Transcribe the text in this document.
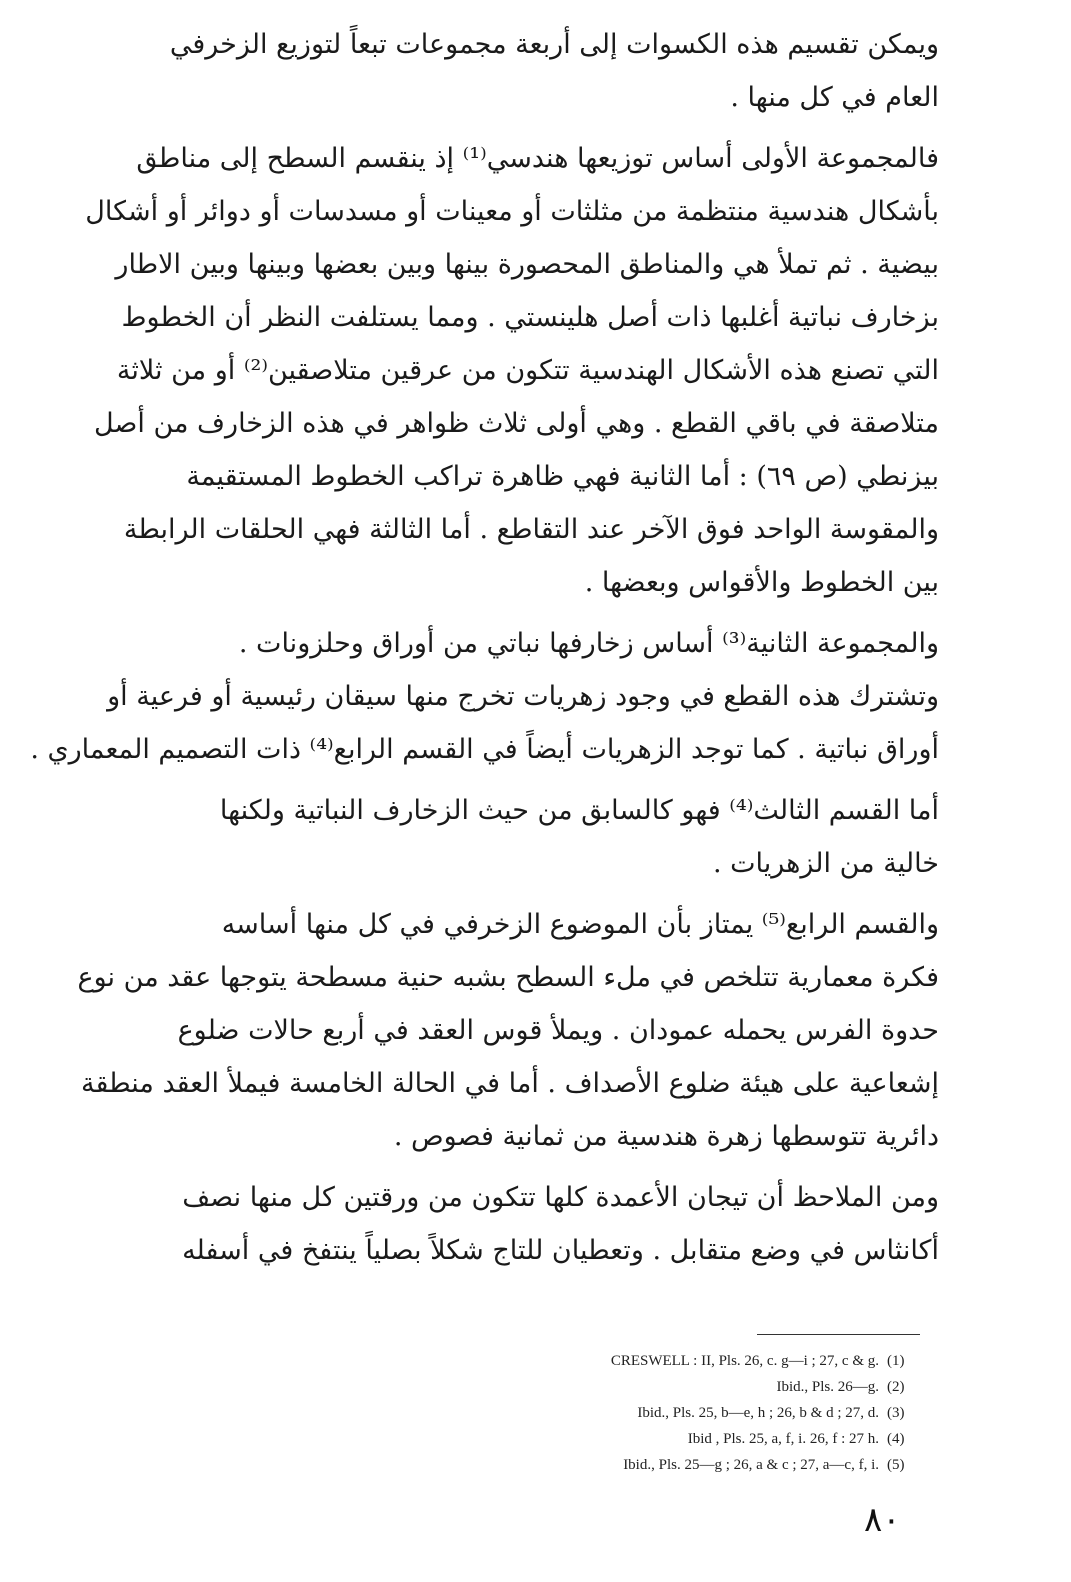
ويمكن تقسيم هذه الكسوات إلى أربعة مجموعات تبعاً لتوزيع الزخرفي
العام في كل منها .
فالمجموعة الأولى أساس توزيعها هندسي⁽¹⁾ إذ ينقسم السطح إلى مناطق
بأشكال هندسية منتظمة من مثلثات أو معينات أو مسدسات أو دوائر أو أشكال
بيضية . ثم تملأ هي والمناطق المحصورة بينها وبين بعضها وبينها وبين الاطار
بزخارف نباتية أغلبها ذات أصل هلينستي . ومما يستلفت النظر أن الخطوط
التي تصنع هذه الأشكال الهندسية تتكون من عرقين متلاصقين⁽²⁾ أو من ثلاثة
متلاصقة في باقي القطع . وهي أولى ثلاث ظواهر في هذه الزخارف من أصل
بيزنطي (ص ٦٩) : أما الثانية فهي ظاهرة تراكب الخطوط المستقيمة
والمقوسة الواحد فوق الآخر عند التقاطع . أما الثالثة فهي الحلقات الرابطة
بين الخطوط والأقواس وبعضها .
والمجموعة الثانية⁽³⁾ أساس زخارفها نباتي من أوراق وحلزونات .
وتشترك هذه القطع في وجود زهريات تخرج منها سيقان رئيسية أو فرعية أو
أوراق نباتية . كما توجد الزهريات أيضاً في القسم الرابع⁽⁴⁾ ذات التصميم المعماري .
أما القسم الثالث⁽⁴⁾ فهو كالسابق من حيث الزخارف النباتية ولكنها
خالية من الزهريات .
والقسم الرابع⁽⁵⁾ يمتاز بأن الموضوع الزخرفي في كل منها أساسه
فكرة معمارية تتلخص في ملء السطح بشبه حنية مسطحة يتوجها عقد من نوع
حدوة الفرس يحمله عمودان . ويملأ قوس العقد في أربع حالات ضلوع
إشعاعية على هيئة ضلوع الأصداف . أما في الحالة الخامسة فيملأ العقد منطقة
دائرية تتوسطها زهرة هندسية من ثمانية فصوص .
ومن الملاحظ أن تيجان الأعمدة كلها تتكون من ورقتين كل منها نصف
أكانثاس في وضع متقابل . وتعطيان للتاج شكلاً بصلياً ينتفخ في أسفله
CRESWELL : II, Pls. 26, c. g—i ; 27, c & g. (1)
Ibid., Pls. 26—g. (2)
Ibid., Pls. 25, b—e, h ; 26, b & d ; 27, d. (3)
Ibid , Pls. 25, a, f, i. 26, f : 27 h. (4)
Ibid., Pls. 25—g ; 26, a & c ; 27, a—c, f, i. (5)
٨٠
